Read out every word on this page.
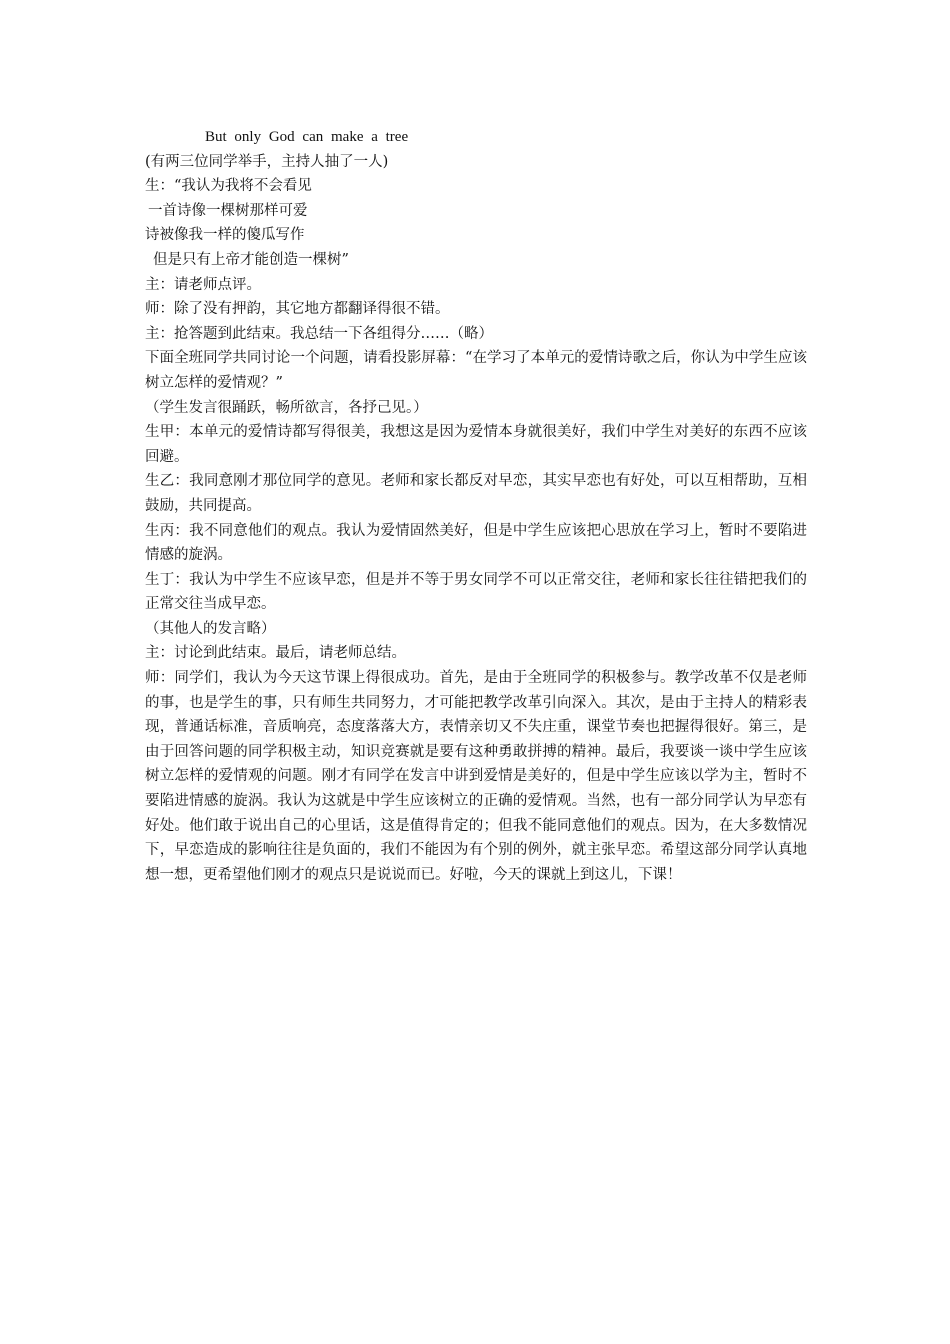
But only God can make a tree

(有两三位同学举手，主持人抽了一人)

生：“我认为我将不会看见

一首诗像一棵树那样可爱

诗被像我一样的傻瓜写作

但是只有上帝才能创造一棵树”

主：请老师点评。

师：除了没有押韵，其它地方都翻译得很不错。

主：抢答题到此结束。我总结一下各组得分……（略）

下面全班同学共同讨论一个问题，请看投影屏幕：“在学习了本单元的爱情诗歌之后，你认为中学生应该树立怎样的爱情观？”

（学生发言很踊跃，畅所欲言，各抒己见。）

生甲：本单元的爱情诗都写得很美，我想这是因为爱情本身就很美好，我们中学生对美好的东西不应该回避。

生乙：我同意刚才那位同学的意见。老师和家长都反对早恋，其实早恋也有好处，可以互相帮助，互相鼓励，共同提高。

生丙：我不同意他们的观点。我认为爱情固然美好，但是中学生应该把心思放在学习上，暂时不要陷进情感的旋涡。

生丁：我认为中学生不应该早恋，但是并不等于男女同学不可以正常交往，老师和家长往往错把我们的正常交往当成早恋。

（其他人的发言略）

主：讨论到此结束。最后，请老师总结。

师：同学们，我认为今天这节课上得很成功。首先，是由于全班同学的积极参与。教学改革不仅是老师的事，也是学生的事，只有师生共同努力，才可能把教学改革引向深入。其次，是由于主持人的精彩表现，普通话标准，音质响亮，态度落落大方，表情亲切又不失庄重，课堂节奏也把握得很好。第三，是由于回答问题的同学积极主动，知识竞赛就是要有这种勇敢拼搏的精神。最后，我要谈一谈中学生应该树立怎样的爱情观的问题。刚才有同学在发言中讲到爱情是美好的，但是中学生应该以学为主，暂时不要陷进情感的旋涡。我认为这就是中学生应该树立的正确的爱情观。当然，也有一部分同学认为早恋有好处。他们敢于说出自己的心里话，这是值得肯定的；但我不能同意他们的观点。因为，在大多数情况下，早恋造成的影响往往是负面的，我们不能因为有个别的例外，就主张早恋。希望这部分同学认真地想一想，更希望他们刚才的观点只是说说而已。好啦，今天的课就上到这儿，下课！
